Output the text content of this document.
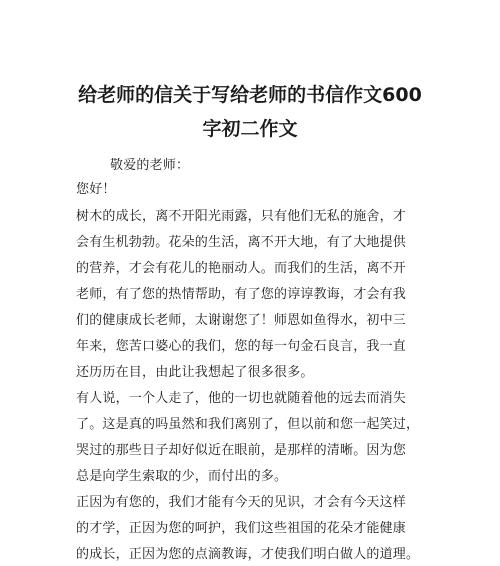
给老师的信关于写给老师的书信作文600
字初二作文

敬爱的老师：

您好！

树木的成长，离不开阳光雨露，只有他们无私的施舍，才

会有生机勃勃。花朵的生活，离不开大地，有了大地提供

的营养，才会有花儿的艳丽动人。而我们的生活，离不开

老师，有了您的热情帮助，有了您的谆谆教诲，才会有我

们的健康成长老师，太谢谢您了！师恩如鱼得水，初中三

年来，您苦口婆心的我们，您的每一句金石良言，我一直

还历历在目，由此让我想起了很多很多。

有人说，一个人走了，他的一切也就随着他的远去而消失

了。这是真的吗虽然和我们离别了，但以前和您一起笑过，

哭过的那些日子却好似近在眼前，是那样的清晰。因为您

总是向学生索取的少，而付出的多。

正因为有您的，我们才能有今天的见识，才会有今天这样

的才学，正因为您的呵护，我们这些祖国的花朵才能健康

的成长，正因为您的点滴教诲，才使我们明白做人的道理。
